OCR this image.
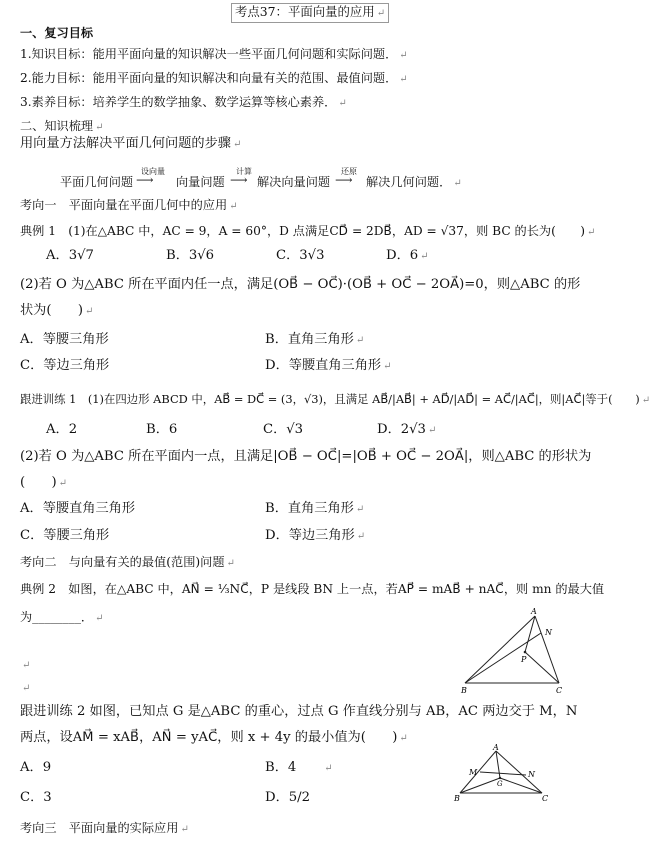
考点37：平面向量的应用 ↵
一、复习目标
1.知识目标：能用平面向量的知识解决一些平面几何问题和实际问题． ↵
2.能力目标：能用平面向量的知识解决和向量有关的范围、最值问题． ↵
3.素养目标：培养学生的数学抽象、数学运算等核心素养． ↵
二、知识梳理 ↵
用向量方法解决平面几何问题的步骤 ↵
平面几何问题
设向量
⟶ 向量问题
计算
⟶ 解决向量问题
还原
⟶ 解决几何问题． ↵
考向一　平面向量在平面几何中的应用 ↵
典例 1　(1)在△ABC 中，AC = 9，A = 60°，D 点满足CD⃗ = 2DB⃗，AD = √37，则 BC 的长为(　　) ↵
A．3√7	B．3√6	C．3√3	D．6 ↵
(2)若 O 为△ABC 所在平面内任一点，满足(OB⃗ − OC⃗)·(OB⃗ + OC⃗ − 2OA⃗)=0，则△ABC 的形
状为(　　) ↵
A．等腰三角形	B．直角三角形 ↵
C．等边三角形	D．等腰直角三角形 ↵
跟进训练 1　(1)在四边形 ABCD 中，AB⃗ = DC⃗ = (3，√3)，且满足 AB⃗/|AB⃗| + AD⃗/|AD⃗| = AC⃗/|AC⃗|，则|AC⃗|等于(　　) ↵
A．2	B．6	C．√3	D．2√3 ↵
(2)若 O 为△ABC 所在平面内一点，且满足|OB⃗ − OC⃗|=|OB⃗ + OC⃗ − 2OA⃗|，则△ABC 的形状为
(　　) ↵
A．等腰直角三角形	B．直角三角形 ↵
C．等腰三角形	D．等边三角形 ↵
考向二　与向量有关的最值(范围)问题 ↵
典例 2　如图，在△ABC 中，AN⃗ = ⅓NC⃗，P 是线段 BN 上一点，若AP⃗ = mAB⃗ + nAC⃗，则 mn 的最大值
为________． ↵
↵
↵
A
N
P
B	C
跟进训练 2 如图，已知点 G 是△ABC 的重心，过点 G 作直线分别与 AB，AC 两边交于 M，N
两点，设AM⃗ = xAB⃗，AN⃗ = yAC⃗，则 x + 4y 的最小值为(　　) ↵
A．9	B．4	↵
C．3	D．5/2
A
M	N
G
B	C
考向三　平面向量的实际应用 ↵
